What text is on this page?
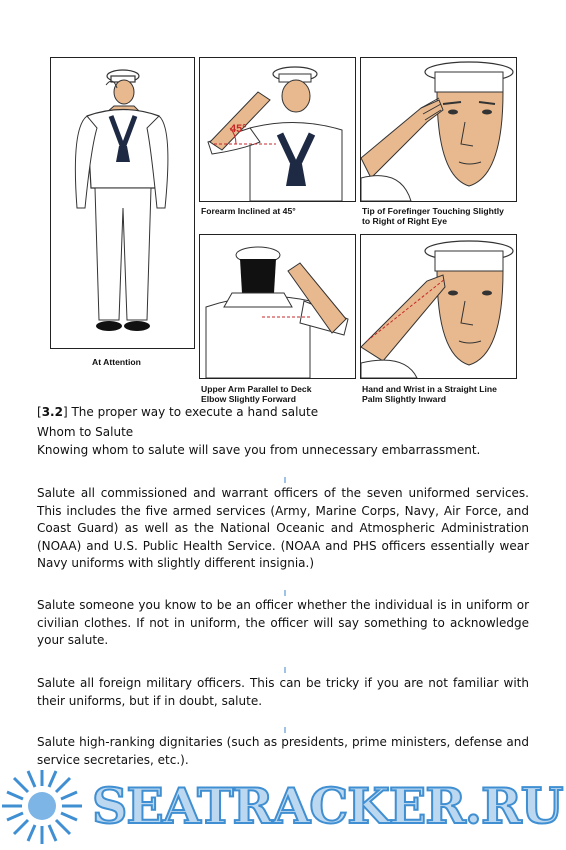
At Attention
45°
Forearm Inclined at 45°	Tip of Forefinger Touching Slightly
to Right of Right Eye
Upper Arm Parallel to Deck
Elbow Slightly Forward
Hand and Wrist in a Straight Line
Palm Slightly Inward
[3.2] The proper way to execute a hand salute
Whom to Salute
Knowing whom to salute will save you from unnecessary embarrassment.
Salute all commissioned and warrant officers of the seven uniformed services. This includes the five armed services (Army, Marine Corps, Navy, Air Force, and Coast Guard) as well as the National Oceanic and Atmospheric Administration (NOAA) and U.S. Public Health Service. (NOAA and PHS officers essentially wear Navy uniforms with slightly different insignia.)
Salute someone you know to be an officer whether the individual is in uniform or civilian clothes. If not in uniform, the officer will say something to acknowledge your salute.
Salute all foreign military officers. This can be tricky if you are not familiar with their uniforms, but if in doubt, salute.
Salute high-ranking dignitaries (such as presidents, prime ministers, defense and service secretaries, etc.).
SEATRACKER.RU
